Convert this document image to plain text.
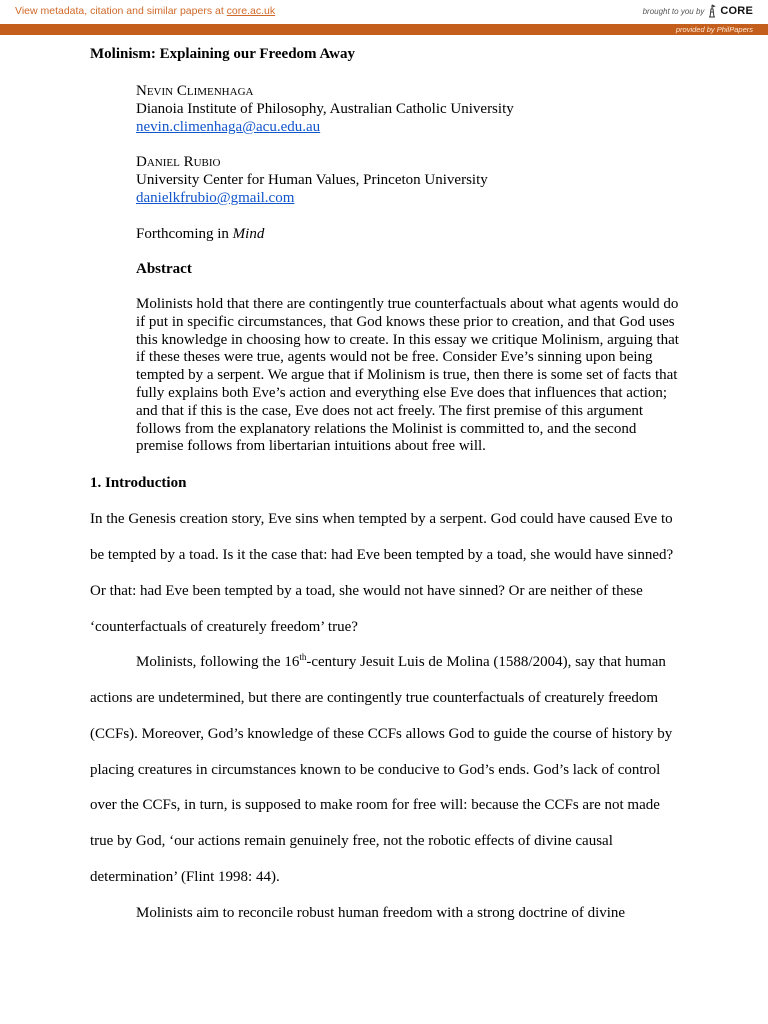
View metadata, citation and similar papers at core.ac.uk	brought to you by CORE
provided by PhilPapers
Molinism: Explaining our Freedom Away
Nevin Climenhaga
Dianoia Institute of Philosophy, Australian Catholic University
nevin.climenhaga@acu.edu.au
Daniel Rubio
University Center for Human Values, Princeton University
danielkfrubio@gmail.com
Forthcoming in Mind
Abstract

Molinists hold that there are contingently true counterfactuals about what agents would do if put in specific circumstances, that God knows these prior to creation, and that God uses this knowledge in choosing how to create. In this essay we critique Molinism, arguing that if these theses were true, agents would not be free. Consider Eve’s sinning upon being tempted by a serpent. We argue that if Molinism is true, then there is some set of facts that fully explains both Eve’s action and everything else Eve does that influences that action; and that if this is the case, Eve does not act freely. The first premise of this argument follows from the explanatory relations the Molinist is committed to, and the second premise follows from libertarian intuitions about free will.

1. Introduction
In the Genesis creation story, Eve sins when tempted by a serpent. God could have caused Eve to
be tempted by a toad. Is it the case that: had Eve been tempted by a toad, she would have sinned?
Or that: had Eve been tempted by a toad, she would not have sinned? Or are neither of these
‘counterfactuals of creaturely freedom’ true?
Molinists, following the 16th-century Jesuit Luis de Molina (1588/2004), say that human
actions are undetermined, but there are contingently true counterfactuals of creaturely freedom
(CCFs). Moreover, God’s knowledge of these CCFs allows God to guide the course of history by
placing creatures in circumstances known to be conducive to God’s ends. God’s lack of control
over the CCFs, in turn, is supposed to make room for free will: because the CCFs are not made
true by God, ‘our actions remain genuinely free, not the robotic effects of divine causal
determination’ (Flint 1998: 44).
Molinists aim to reconcile robust human freedom with a strong doctrine of divine
